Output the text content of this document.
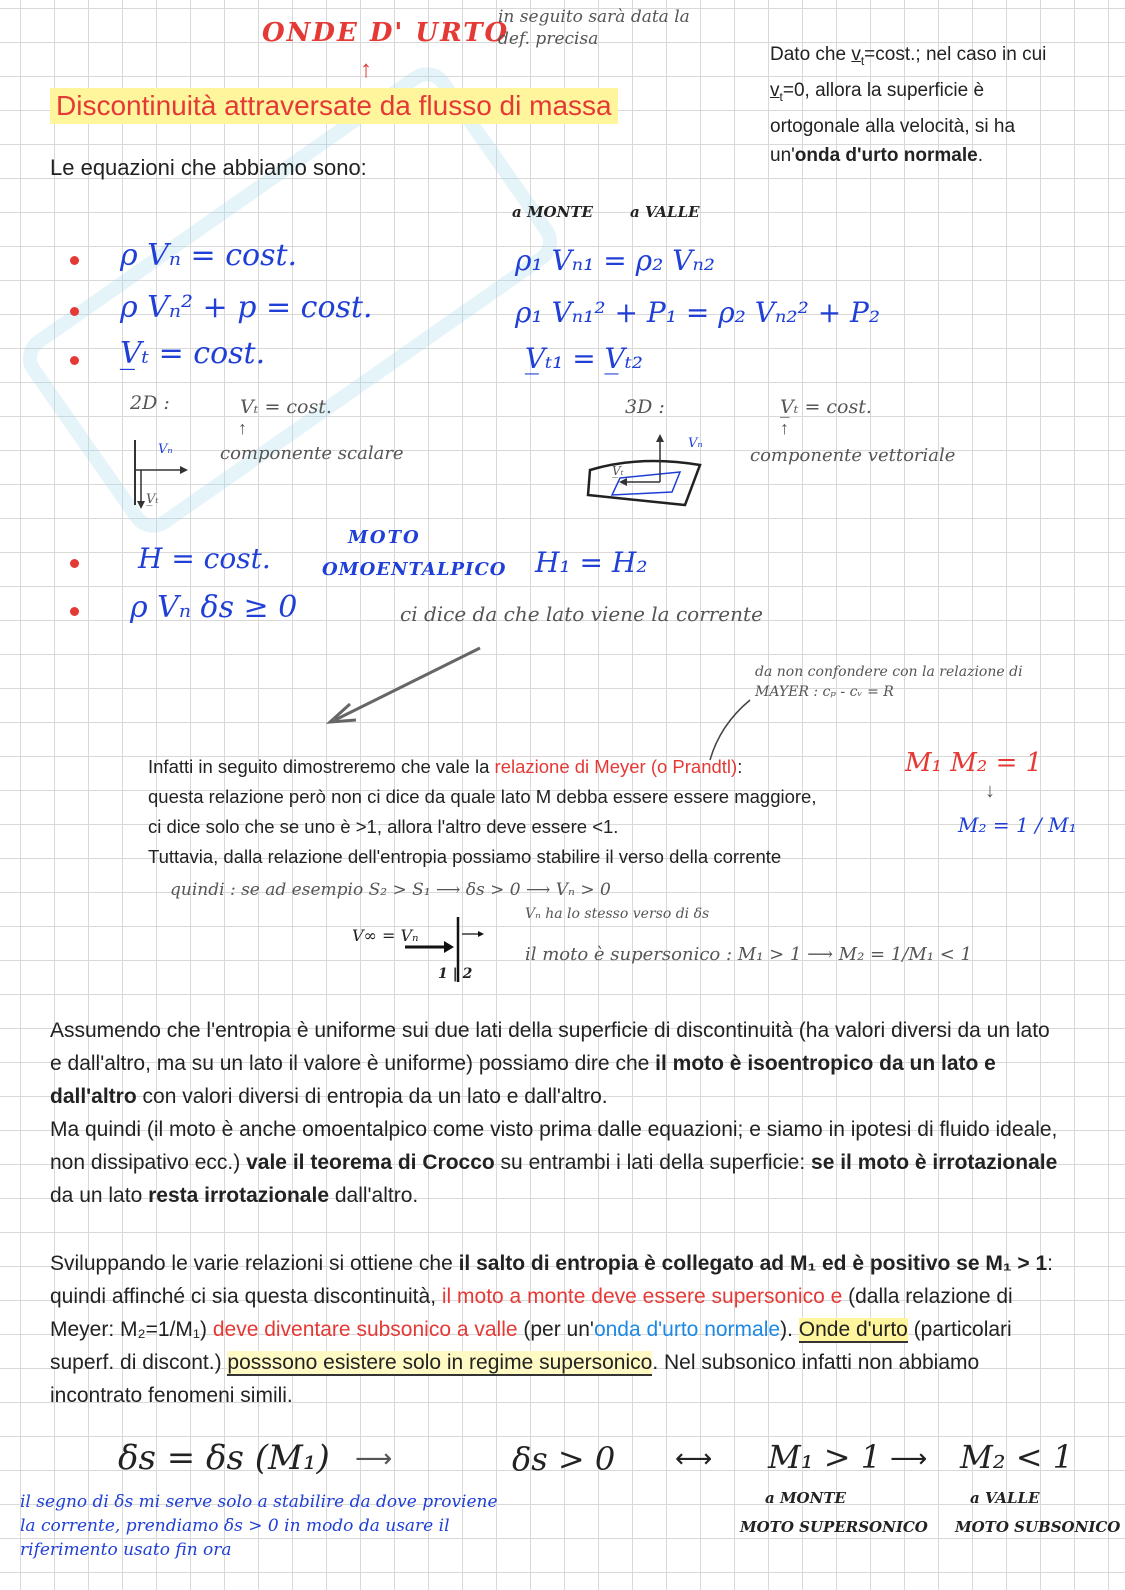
ONDE D' URTO
↑
in seguito sarà data la def. precisa
Discontinuità attraversate da flusso di massa
Dato che $v_t=\cos t$.; nel caso in cui $v_t=0$, allora la superficie è ortogonale alla velocità, si ha un'onda d'urto normale.
Le equazioni che abbiamo sono:
a MONTE a VALLE
ρ Vₙ = cost.	ρ₁ Vₙ₁ = ρ₂ Vₙ₂
ρ Vₙ² + p = cost.	ρ₁ Vₙ₁² + P₁ = ρ₂ Vₙ₂² + P₂
V̲ₜ = cost.	V̲ₜ₁ = V̲ₜ₂
2D :	Vₜ = cost.
↑
componente scalare
Vₙ
V̲ₜ
3D :	V̲ₜ = cost.
↑
componente vettoriale
Vₙ
V̲ₜ
H = cost.
MOTO
OMOENTALPICO H₁ = H₂
ρ Vₙ δs ≥ 0	ci dice da che lato viene la corrente
da non confondere con la relazione di MAYER : cₚ - cᵥ = R
Infatti in seguito dimostreremo che vale la relazione di Meyer (o Prandtl):
questa relazione però non ci dice da quale lato M debba essere essere maggiore,
ci dice solo che se uno è >1, allora l'altro deve essere <1.
Tuttavia, dalla relazione dell'entropia possiamo stabilire il verso della corrente
M₁ M₂ = 1
↓
M₂ = 1 / M₁
quindi : se ad esempio S₂ > S₁ ⟶ δs > 0 ⟶ Vₙ > 0
Vₙ ha lo stesso verso di δs
V∞ = Vₙ
1 | 2
il moto è supersonico : M₁ > 1 ⟶ M₂ = 1/M₁ < 1
Assumendo che l'entropia è uniforme sui due lati della superficie di discontinuità (ha valori diversi da un lato e dall'altro, ma su un lato il valore è uniforme) possiamo dire che il moto è isoentropico da un lato e dall'altro con valori diversi di entropia da un lato e dall'altro.
Ma quindi (il moto è anche omoentalpico come visto prima dalle equazioni; e siamo in ipotesi di fluido ideale, non dissipativo ecc.) vale il teorema di Crocco su entrambi i lati della superficie: se il moto è irrotazionale da un lato resta irrotazionale dall'altro.
Sviluppando le varie relazioni si ottiene che il salto di entropia è collegato ad M₁ ed è positivo se M₁ > 1: quindi affinché ci sia questa discontinuità, il moto a monte deve essere supersonico e (dalla relazione di Meyer: M₂=1/M₁) deve diventare subsonico a valle (per un'onda d'urto normale). Onde d'urto (particolari superf. di discont.) posssono esistere solo in regime supersonico. Nel subsonico infatti non abbiamo incontrato fenomeni simili.
δs = δs (M₁) ⟶	δs > 0 ⟷ M₁ > 1 ⟶ M₂ < 1
a MONTE	a VALLE
MOTO SUPERSONICO MOTO SUBSONICO
il segno di δs mi serve solo a stabilire da dove proviene la corrente, prendiamo δs > 0 in modo da usare il riferimento usato fin ora
